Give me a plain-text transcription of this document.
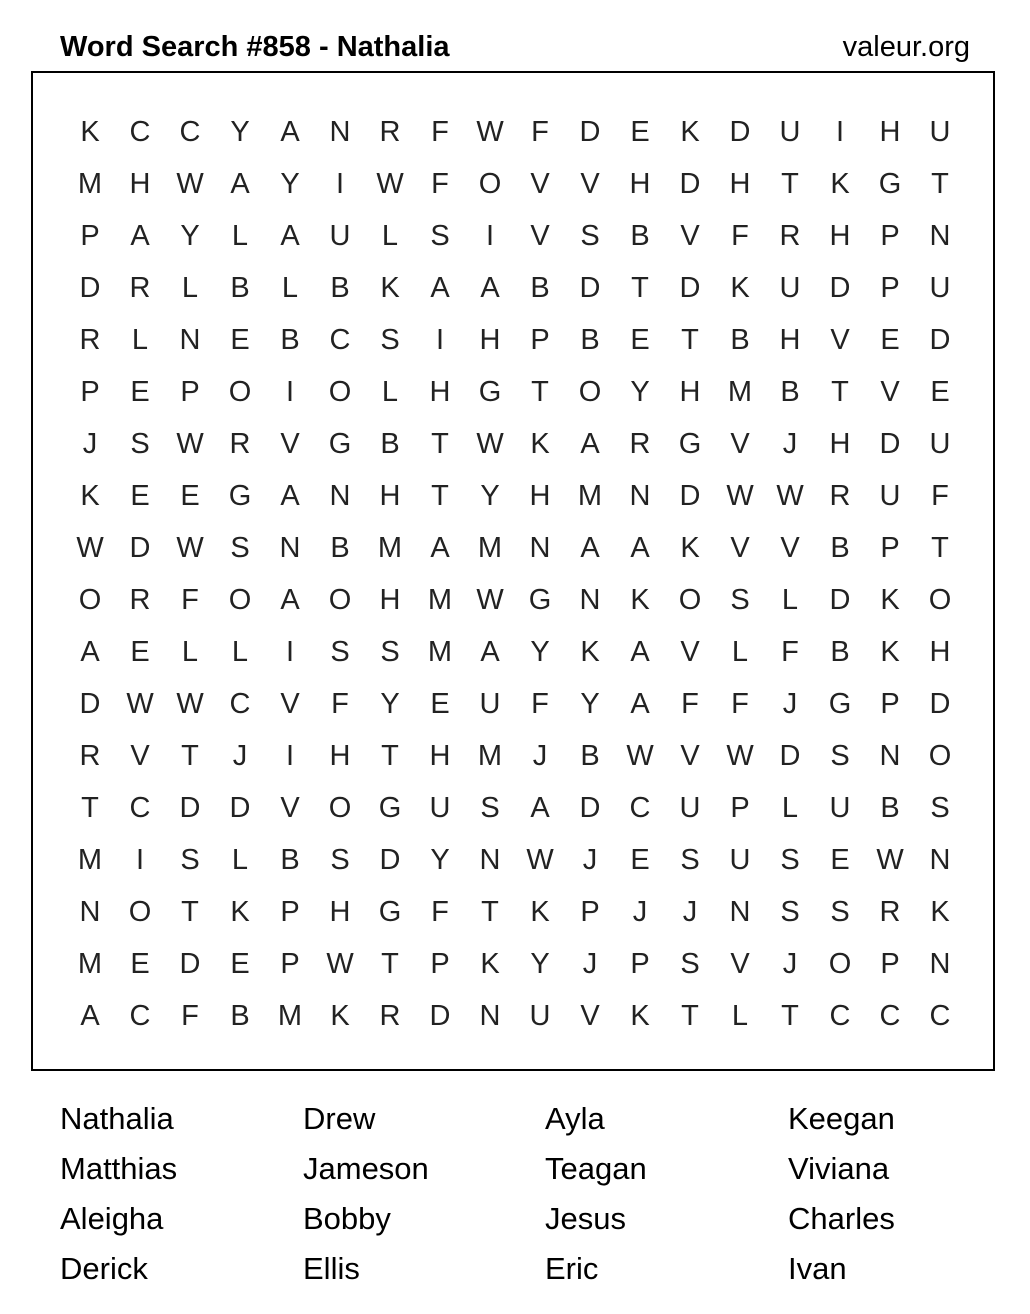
Word Search #858 - Nathalia	valeur.org
K C C Y A N R F W F D E K D U I H U
M H W A Y I W F O V V H D H T K G T
P A Y L A U L S I V S B V F R H P N
D R L B L B K A A B D T D K U D P U
R L N E B C S I H P B E T B H V E D
P E P O I O L H G T O Y H M B T V E
J S W R V G B T W K A R G V J H D U
K E E G A N H T Y H M N D W W R U F
W D W S N B M A M N A A K V V B P T
O R F O A O H M W G N K O S L D K O
A E L L I S S M A Y K A V L F B K H
D W W C V F Y E U F Y A F F J G P D
R V T J I H T H M J B W V W D S N O
T C D D V O G U S A D C U P L U B S
M I S L B S D Y N W J E S U S E W N
N O T K P H G F T K P J J N S S R K
M E D E P W T P K Y J P S V J O P N
A C F B M K R D N U V K T L T C C C
Nathalia	Drew	Ayla	Keegan
Matthias	Jameson	Teagan	Viviana
Aleigha	Bobby	Jesus	Charles
Derick	Ellis	Eric	Ivan
